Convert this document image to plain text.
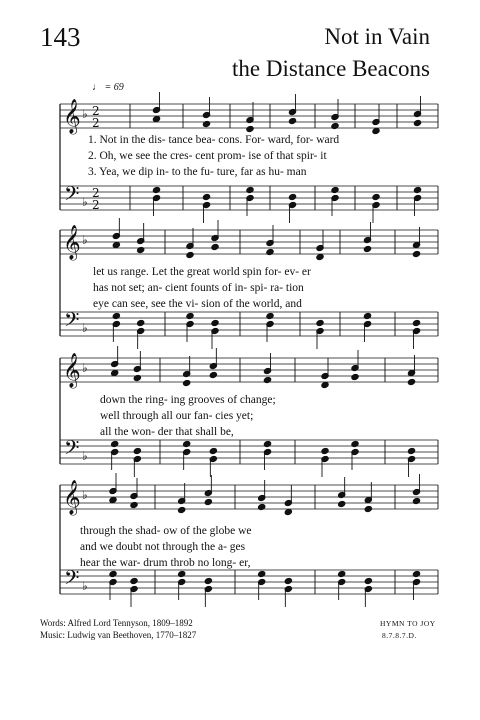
143	Not in Vain
the Distance Beacons
♩ = 69
𝄞
𝄢
♭
♭
2
2
2
2
𝄞
𝄢
♭
♭
𝄞
𝄢
♭
♭
𝄞
𝄢
♭
♭
1. Not in the dis- tance bea- cons. For- ward, for- ward
2. Oh, we see the cres- cent prom- ise of that spir- it
3. Yea, we dip in- to the fu- ture, far as hu- man
let us range. Let the great world spin for- ev- er
has not set; an- cient founts of in- spi- ra- tion
eye can see, see the vi- sion of the world, and
down the ring- ing grooves of change;
well through all our fan- cies yet;
all the won- der that shall be,
through the shad- ow of the globe we
and we doubt not through the a- ges
hear the war- drum throb no long- er,
Words: Alfred Lord Tennyson, 1809–1892
Music: Ludwig van Beethoven, 1770–1827
HYMN TO JOY
8.7.8.7.D.
